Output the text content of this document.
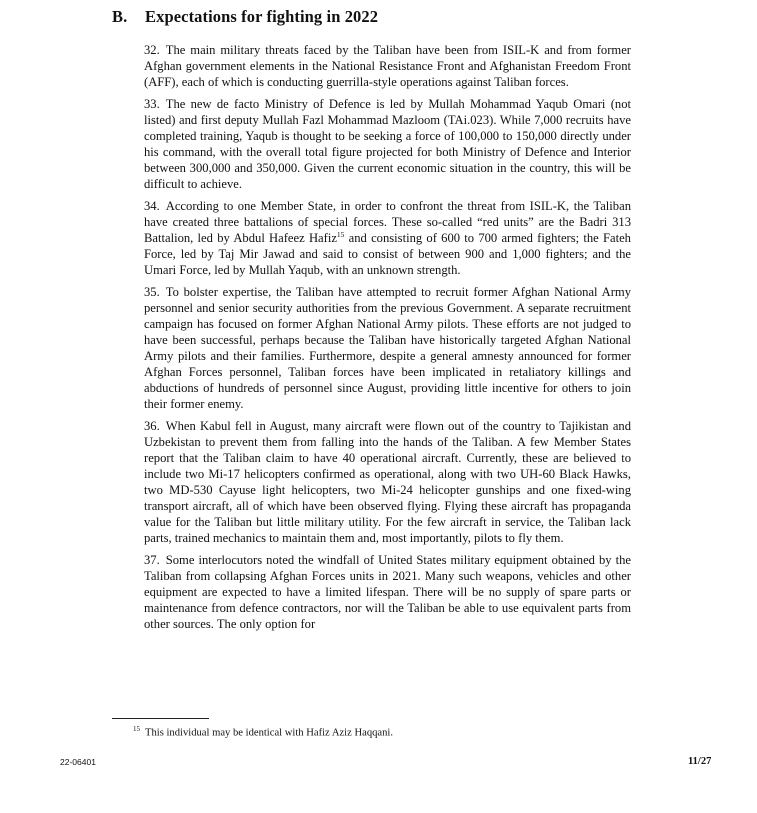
B. Expectations for fighting in 2022

32. The main military threats faced by the Taliban have been from ISIL-K and from former Afghan government elements in the National Resistance Front and Afghanistan Freedom Front (AFF), each of which is conducting guerrilla-style operations against Taliban forces.

33. The new de facto Ministry of Defence is led by Mullah Mohammad Yaqub Omari (not listed) and first deputy Mullah Fazl Mohammad Mazloom (TAi.023). While 7,000 recruits have completed training, Yaqub is thought to be seeking a force of 100,000 to 150,000 directly under his command, with the overall total figure projected for both Ministry of Defence and Interior between 300,000 and 350,000. Given the current economic situation in the country, this will be difficult to achieve.

34. According to one Member State, in order to confront the threat from ISIL-K, the Taliban have created three battalions of special forces. These so-called “red units” are the Badri 313 Battalion, led by Abdul Hafeez Hafiz$^{15}$ and consisting of 600 to 700 armed fighters; the Fateh Force, led by Taj Mir Jawad and said to consist of between 900 and 1,000 fighters; and the Umari Force, led by Mullah Yaqub, with an unknown strength.

35. To bolster expertise, the Taliban have attempted to recruit former Afghan National Army personnel and senior security authorities from the previous Government. A separate recruitment campaign has focused on former Afghan National Army pilots. These efforts are not judged to have been successful, perhaps because the Taliban have historically targeted Afghan National Army pilots and their families. Furthermore, despite a general amnesty announced for former Afghan Forces personnel, Taliban forces have been implicated in retaliatory killings and abductions of hundreds of personnel since August, providing little incentive for others to join their former enemy.

36. When Kabul fell in August, many aircraft were flown out of the country to Tajikistan and Uzbekistan to prevent them from falling into the hands of the Taliban. A few Member States report that the Taliban claim to have 40 operational aircraft. Currently, these are believed to include two Mi-17 helicopters confirmed as operational, along with two UH-60 Black Hawks, two MD-530 Cayuse light helicopters, two Mi-24 helicopter gunships and one fixed-wing transport aircraft, all of which have been observed flying. Flying these aircraft has propaganda value for the Taliban but little military utility. For the few aircraft in service, the Taliban lack parts, trained mechanics to maintain them and, most importantly, pilots to fly them.

37. Some interlocutors noted the windfall of United States military equipment obtained by the Taliban from collapsing Afghan Forces units in 2021. Many such weapons, vehicles and other equipment are expected to have a limited lifespan. There will be no supply of spare parts or maintenance from defence contractors, nor will the Taliban be able to use equivalent parts from other sources. The only option for

$^{15}$ This individual may be identical with Hafiz Aziz Haqqani.
22-06401	11/27
